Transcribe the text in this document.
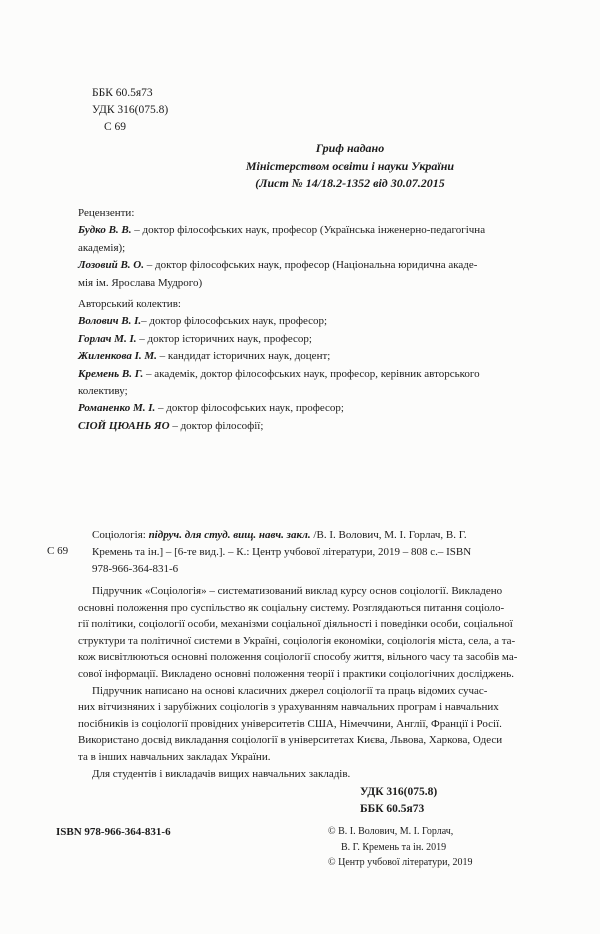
ББК 60.5я73
УДК 316(075.8)
С 69
Гриф надано
Міністерством освіти і науки України
(Лист № 14/18.2-1352 від 30.07.2015
Рецензенти:
Будко В. В. – доктор філософських наук, професор (Українська інженерно-педагогічна
академія);
Лозовий В. О. – доктор філософських наук, професор (Національна юридична акаде-
мія ім. Ярослава Мудрого)
Авторський колектив:
Волович В. І.– доктор філософських наук, професор;
Горлач М. І. – доктор історичних наук, професор;
Жиленкова І. М. – кандидат історичних наук, доцент;
Кремень В. Г. – академік, доктор філософських наук, професор, керівник авторського
колективу;
Романенко М. І. – доктор філософських наук, професор;
СІОЙ ЦЮАНЬ ЯО – доктор філософії;
С 69
Соціологія: підруч. для студ. вищ. навч. закл. /В. І. Волович, М. І. Горлач, В. Г.
Кремень та ін.] – [6-те вид.]. – К.: Центр учбової літератури, 2019 – 808 с.– ISBN
978-966-364-831-6
Підручник «Соціологія» – систематизований виклад курсу основ соціології. Викладено
основні положення про суспільство як соціальну систему. Розглядаються питання соціоло-
гії політики, соціології особи, механізми соціальної діяльності і поведінки особи, соціальної
структури та політичної системи в Україні, соціологія економіки, соціологія міста, села, а та-
кож висвітлюються основні положення соціології способу життя, вільного часу та засобів ма-
сової інформації. Викладено основні положення теорії і практики соціологічних досліджень.
Підручник написано на основі класичних джерел соціології та праць відомих сучас-
них вітчизняних і зарубіжних соціологів з урахуванням навчальних програм і навчальних
посібників із соціології провідних університетів США, Німеччини, Англії, Франції і Росії.
Використано досвід викладання соціології в університетах Києва, Львова, Харкова, Одеси
та в інших навчальних закладах України.
Для студентів і викладачів вищих навчальних закладів.
УДК 316(075.8)
ББК 60.5я73
ISBN 978-966-364-831-6	© В. І. Волович, М. І. Горлач,
В. Г. Кремень та ін. 2019
© Центр учбової літератури, 2019
